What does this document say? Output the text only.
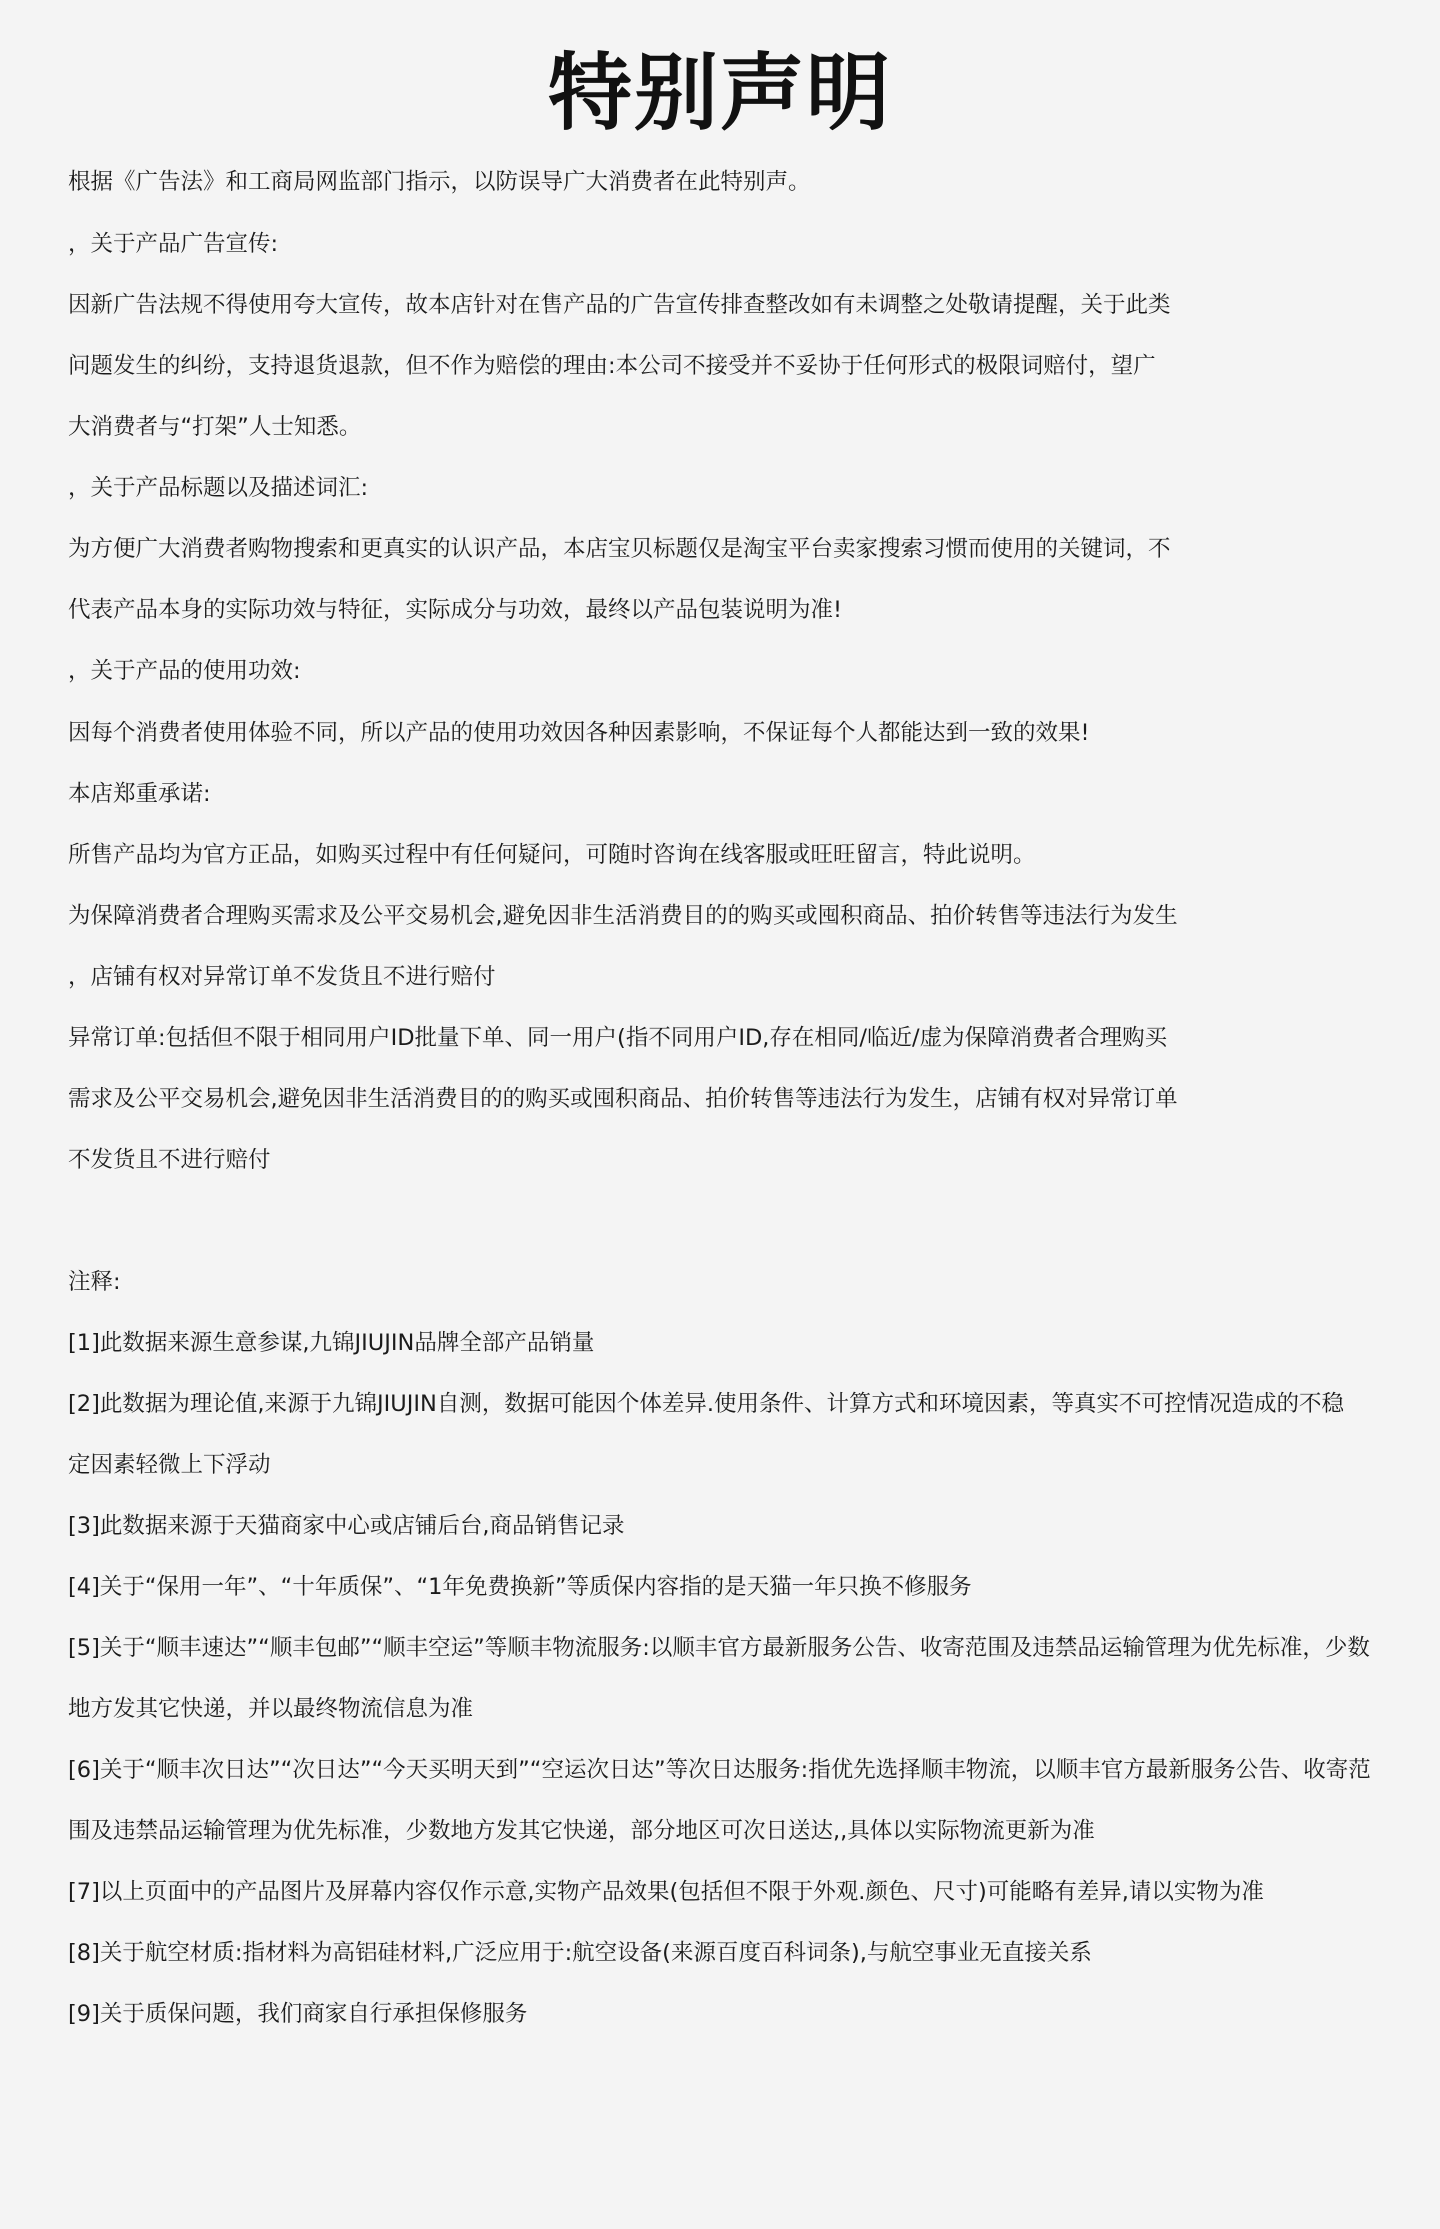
特别声明
根据《广告法》和工商局网监部门指示，以防误导广大消费者在此特别声。
，关于产品广告宣传:
因新广告法规不得使用夸大宣传，故本店针对在售产品的广告宣传排查整改如有未调整之处敬请提醒，关于此类
问题发生的纠纷，支持退货退款，但不作为赔偿的理由:本公司不接受并不妥协于任何形式的极限词赔付，望广
大消费者与“打架”人士知悉。
，关于产品标题以及描述词汇:
为方便广大消费者购物搜索和更真实的认识产品，本店宝贝标题仅是淘宝平台卖家搜索习惯而使用的关键词，不
代表产品本身的实际功效与特征，实际成分与功效，最终以产品包装说明为准!
，关于产品的使用功效:
因每个消费者使用体验不同，所以产品的使用功效因各种因素影响，不保证每个人都能达到一致的效果!
本店郑重承诺:
所售产品均为官方正品，如购买过程中有任何疑问，可随时咨询在线客服或旺旺留言，特此说明。
为保障消费者合理购买需求及公平交易机会,避免因非生活消费目的的购买或囤积商品、拍价转售等违法行为发生
，店铺有权对异常订单不发货且不进行赔付
异常订单:包括但不限于相同用户ID批量下单、同一用户(指不同用户ID,存在相同/临近/虚为保障消费者合理购买
需求及公平交易机会,避免因非生活消费目的的购买或囤积商品、拍价转售等违法行为发生，店铺有权对异常订单
不发货且不进行赔付
注释:
[1]此数据来源生意参谋,九锦JIUJIN品牌全部产品销量
[2]此数据为理论值,来源于九锦JIUJIN自测，数据可能因个体差异.使用条件、计算方式和环境因素，等真实不可控情况造成的不稳
定因素轻微上下浮动
[3]此数据来源于天猫商家中心或店铺后台,商品销售记录
[4]关于“保用一年”、“十年质保”、“1年免费换新”等质保内容指的是天猫一年只换不修服务
[5]关于“顺丰速达”“顺丰包邮”“顺丰空运”等顺丰物流服务:以顺丰官方最新服务公告、收寄范围及违禁品运输管理为优先标准，少数
地方发其它快递，并以最终物流信息为准
[6]关于“顺丰次日达”“次日达”“今天买明天到”“空运次日达”等次日达服务:指优先选择顺丰物流，以顺丰官方最新服务公告、收寄范
围及违禁品运输管理为优先标准，少数地方发其它快递，部分地区可次日送达,,具体以实际物流更新为准
[7]以上页面中的产品图片及屏幕内容仅作示意,实物产品效果(包括但不限于外观.颜色、尺寸)可能略有差异,请以实物为准
[8]关于航空材质:指材料为高铝硅材料,广泛应用于:航空设备(来源百度百科词条),与航空事业无直接关系
[9]关于质保问题，我们商家自行承担保修服务
